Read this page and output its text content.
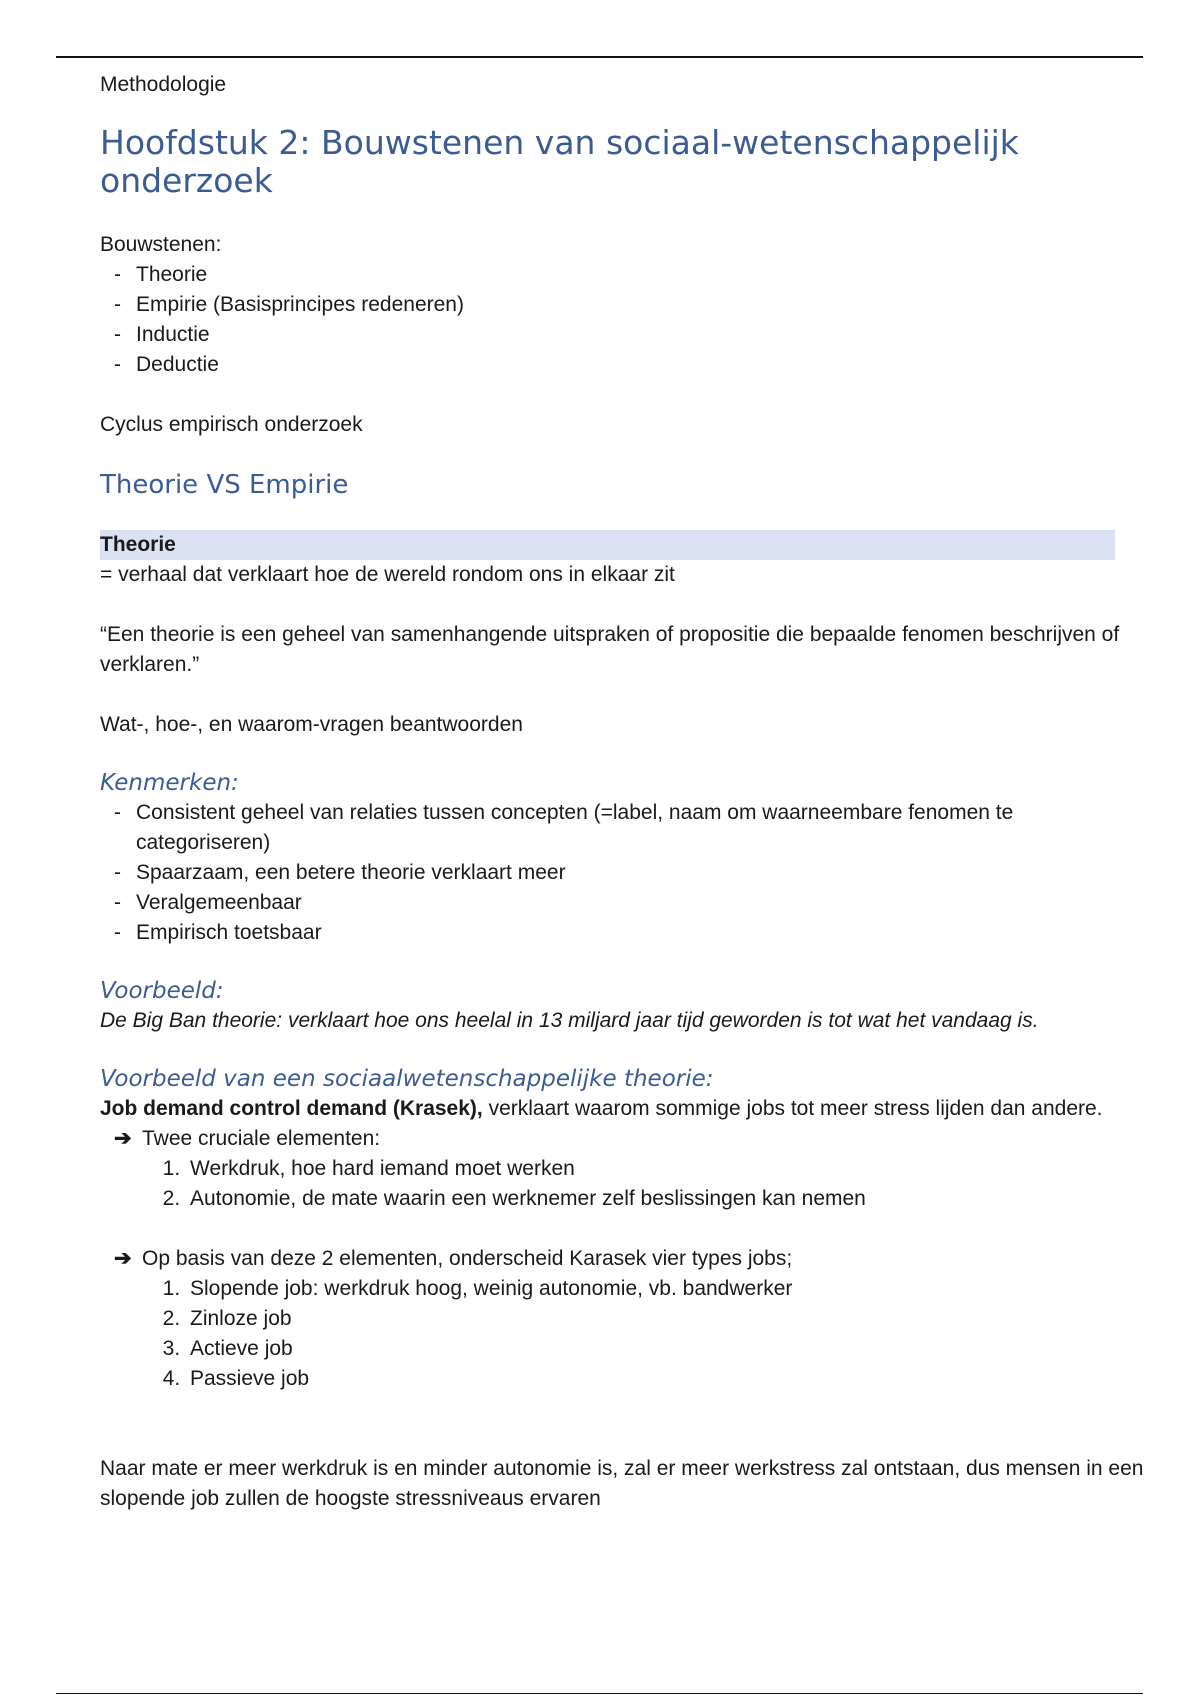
Methodologie

Hoofdstuk 2: Bouwstenen van sociaal-wetenschappelijk onderzoek

Bouwstenen:

- Theorie
- Empirie (Basisprincipes redeneren)
- Inductie
- Deductie

Cyclus empirisch onderzoek

Theorie VS Empirie

Theorie

= verhaal dat verklaart hoe de wereld rondom ons in elkaar zit

“Een theorie is een geheel van samenhangende uitspraken of propositie die bepaalde fenomen beschrijven of verklaren.”

Wat-, hoe-, en waarom-vragen beantwoorden

Kenmerken:
- Consistent geheel van relaties tussen concepten (=label, naam om waarneembare fenomen te categoriseren)
- Spaarzaam, een betere theorie verklaart meer
- Veralgemeenbaar
- Empirisch toetsbaar
Voorbeeld:

De Big Ban theorie: verklaart hoe ons heelal in 13 miljard jaar tijd geworden is tot wat het vandaag is.

Voorbeeld van een sociaalwetenschappelijke theorie:

Job demand control demand (Krasek), verklaart waarom sommige jobs tot meer stress lijden dan andere.

➔ Twee cruciale elementen:

1. Werkdruk, hoe hard iemand moet werken
2. Autonomie, de mate waarin een werknemer zelf beslissingen kan nemen

➔ Op basis van deze 2 elementen, onderscheid Karasek vier types jobs;

1. Slopende job: werkdruk hoog, weinig autonomie, vb. bandwerker
2. Zinloze job
3. Actieve job
4. Passieve job

Naar mate er meer werkdruk is en minder autonomie is, zal er meer werkstress zal ontstaan, dus mensen in een slopende job zullen de hoogste stressniveaus ervaren
